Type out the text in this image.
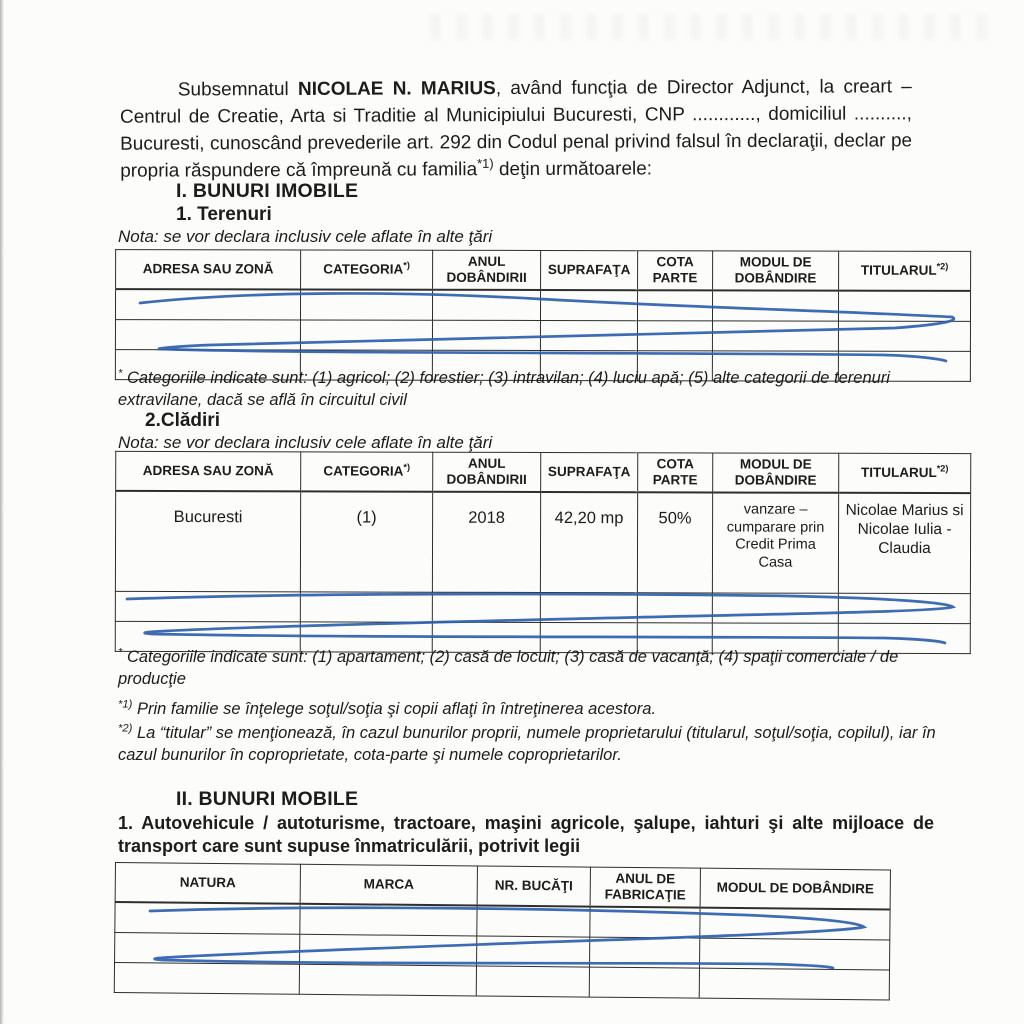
Subsemnatul NICOLAE N. MARIUS, având funcţia de Director Adjunct, la creart – Centrul de Creatie, Arta si Traditie al Municipiului Bucuresti, CNP ............, domiciliul .........., Bucuresti, cunoscând prevederile art. 292 din Codul penal privind falsul în declaraţii, declar pe propria răspundere că împreună cu familia$^{*1)}$ deţin următoarele:

I. BUNURI IMOBILE
1. Terenuri
Nota: se vor declara inclusiv cele aflate în alte ţări
ADRESA SAU ZONĂ	CATEGORIA*)	ANUL DOBÂNDIRII	SUPRAFAŢA	COTA PARTE	MODUL DE DOBÂNDIRE	TITULARUL$^{*2)}$

* Categoriile indicate sunt: (1) agricol; (2) forestier; (3) intravilan; (4) luciu apă; (5) alte categorii de terenuri extravilane, dacă se află în circuitul civil
2.Clădiri
Nota: se vor declara inclusiv cele aflate în alte ţări
ADRESA SAU ZONĂ	CATEGORIA*)	ANUL DOBÂNDIRII	SUPRAFAŢA	COTA PARTE	MODUL DE DOBÂNDIRE	TITULARUL$^{*2)}$
Bucuresti	(1)	2018	42,20 mp	50%	vanzare – cumparare prin Credit Prima Casa	Nicolae Marius si Nicolae Iulia - Claudia

* Categoriile indicate sunt: (1) apartament; (2) casă de locuit; (3) casă de vacanţă; (4) spaţii comerciale / de producţie
$^{*1)}$ Prin familie se înţelege soţul/soţia şi copii aflaţi în întreţinerea acestora.
$^{*2)}$ La “titular” se menţionează, în cazul bunurilor proprii, numele proprietarului (titularul, soţul/soţia, copilul), iar în cazul bunurilor în coproprietate, cota-parte şi numele coproprietarilor.
II. BUNURI MOBILE
1. Autovehicule / autoturisme, tractoare, maşini agricole, şalupe, iahturi şi alte mijloace de transport care sunt supuse înmatriculării, potrivit legii
NATURA	MARCA	NR. BUCĂŢI	ANUL DE FABRICAŢIE	MODUL DE DOBÂNDIRE
